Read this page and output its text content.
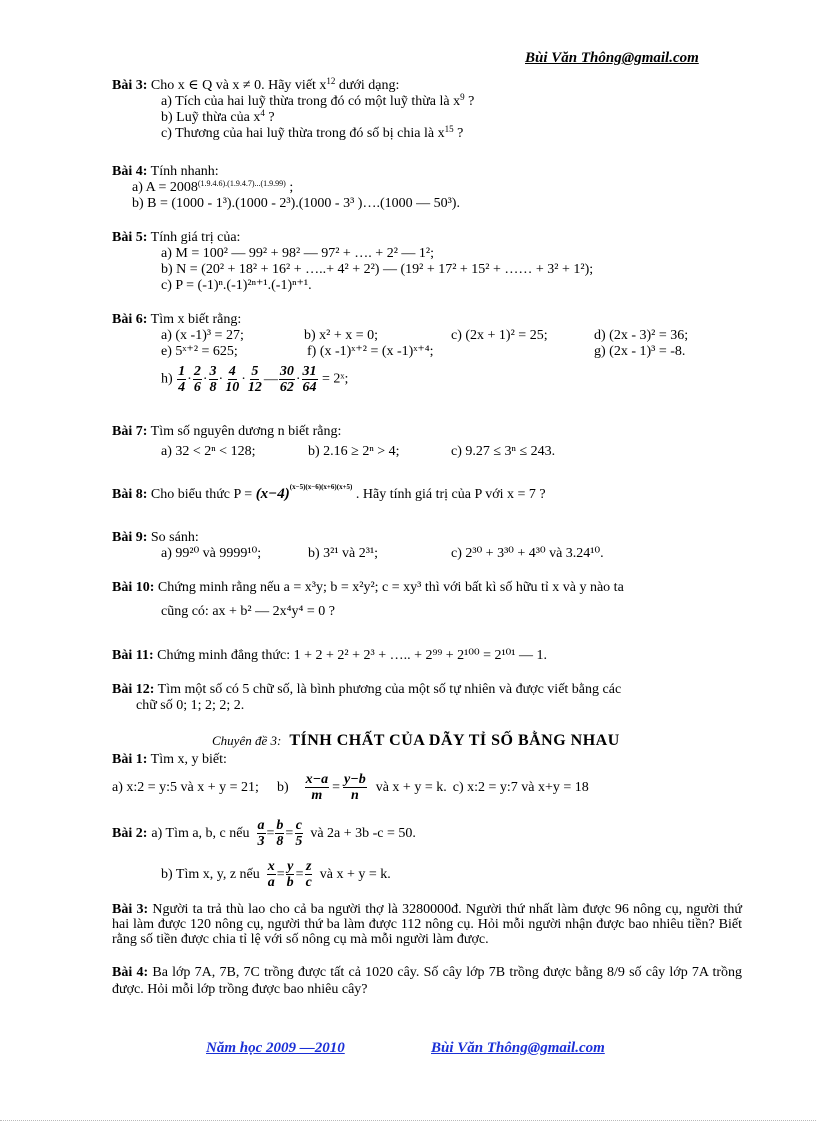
Bùi Văn Thông@gmail.com
Bài 3: Cho x ∈ Q và x ≠ 0. Hãy viết $x^{12}$ dưới dạng:
a) Tích của hai luỹ thừa trong đó có một luỹ thừa là $x^9$ ?
b) Luỹ thừa của $x^4$ ?
c) Thương của hai luỹ thừa trong đó số bị chia là $x^{15}$ ?
Bài 4: Tính nhanh:
a) $A = 2008^{(1.9.4.6).(1.9.4.7)...(1.9.99)}$ ;
b) B = (1000 - 1³).(1000 - 2³).(1000 - 3³ )….(1000 — 50³).
Bài 5: Tính giá trị của:
a) M = 100² — 99² + 98² — 97² + …. + 2² — 1²;
b) N = (20² + 18² + 16² + …..+ 4² + 2²) — (19² + 17² + 15² + …… + 3² + 1²);
c) P = (-1)ⁿ.(-1)²ⁿ⁺¹.(-1)ⁿ⁺¹.
Bài 6: Tìm x biết rằng:
a) (x -1)³ = 27;	b) x² + x = 0;	c) (2x + 1)² = 25;	d) (2x - 3)² = 36;
e) 5ˣ⁺² = 625;	f) (x -1)ˣ⁺² = (x -1)ˣ⁺⁴;	g) (2x - 1)³ = -8.
$h) \frac{1}{4} \cdot \frac{2}{6} \cdot \frac{3}{8} \cdot \frac{4}{10} \cdot \frac{5}{12}$ — $\frac{30}{62} \cdot \frac{31}{64}$ = 2ˣ;
Bài 7: Tìm số nguyên dương n biết rằng:
a) 32 < 2ⁿ < 128;	b) 2.16 ≥ 2ⁿ > 4;	c) 9.27 ≤ 3ⁿ ≤ 243.
Bài 8: Cho biểu thức $P = (x-4)^{(x-5)(x-6)(x+6)(x+5)}$ . Hãy tính giá trị của P với x = 7 ?
Bài 9: So sánh:
a) 99²⁰ và 9999¹⁰;	b) 3²¹ và 2³¹;	c) 2³⁰ + 3³⁰ + 4³⁰ và 3.24¹⁰.
Bài 10: Chứng minh rằng nếu a = x³y; b = x²y²; c = xy³ thì với bất kì số hữu tỉ x và y nào ta
cũng có: ax + b² — 2x⁴y⁴ = 0 ?
Bài 11: Chứng minh đẳng thức: 1 + 2 + 2² + 2³ + ….. + 2⁹⁹ + 2¹⁰⁰ = 2¹⁰¹ — 1.
Bài 12: Tìm một số có 5 chữ số, là bình phương của một số tự nhiên và được viết bằng các
chữ số 0; 1; 2; 2; 2.
Chuyên đề 3: TÍNH CHẤT CỦA DÃY TỈ SỐ BẰNG NHAU
Bài 1: Tìm x, y biết:
a) x:2 = y:5 và x + y = 21; $b) \frac{x-a}{m} = \frac{y-b}{n}$ và x + y = k. c) x:2 = y:7 và x+y = 18
Bài 2: a) Tìm a, b, c nếu $\frac{a}{3} = \frac{b}{8} = \frac{c}{5}$ và 2a + 3b -c = 50.
b) Tìm x, y, z nếu $\frac{x}{a} = \frac{y}{b} = \frac{z}{c}$ và x + y = k.
Bài 3: Người ta trả thù lao cho cả ba người thợ là 3280000đ. Người thứ nhất làm được 96 nông cụ, người thứ hai làm được 120 nông cụ, người thứ ba làm được 112 nông cụ. Hỏi mỗi người nhận được bao nhiêu tiền? Biết rằng số tiền được chia tỉ lệ với số nông cụ mà mỗi người làm được.
Bài 4: Ba lớp 7A, 7B, 7C trồng được tất cả 1020 cây. Số cây lớp 7B trồng được bằng 8/9 số cây lớp 7A trồng được. Hỏi mỗi lớp trồng được bao nhiêu cây?
Năm học 2009 —2010	Bùi Văn Thông@gmail.com
